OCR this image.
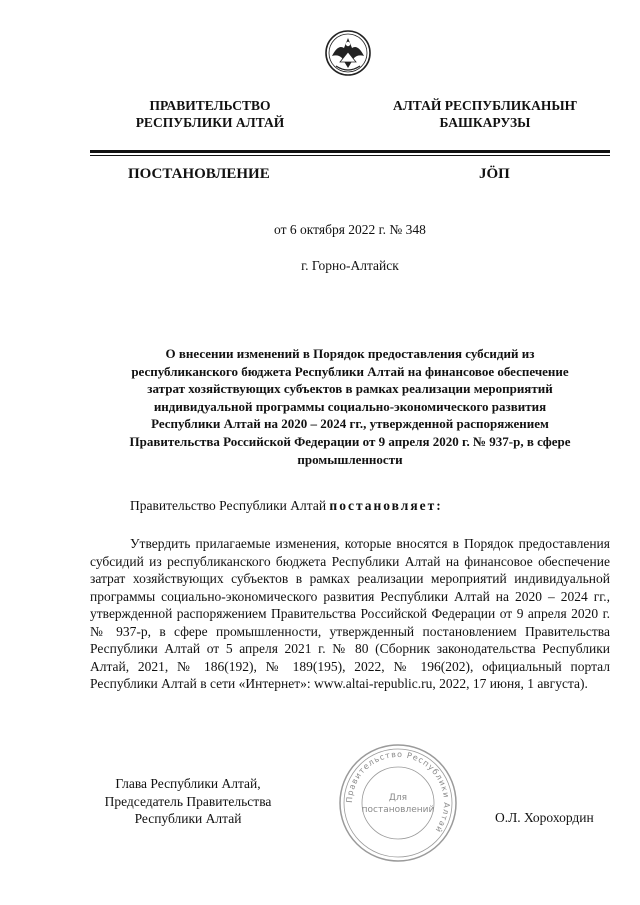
ПРАВИТЕЛЬСТВО
РЕСПУБЛИКИ АЛТАЙ
АЛТАЙ РЕСПУБЛИКАНЫҤ
БАШКАРУЗЫ
ПОСТАНОВЛЕНИЕ	JÖП
от 6 октября 2022 г. № 348
г. Горно-Алтайск
О внесении изменений в Порядок предоставления субсидий из
республиканского бюджета Республики Алтай на финансовое обеспечение
затрат хозяйствующих субъектов в рамках реализации мероприятий
индивидуальной программы социально-экономического развития
Республики Алтай на 2020 – 2024 гг., утвержденной распоряжением
Правительства Российской Федерации от 9 апреля 2020 г. № 937-р, в сфере
промышленности
Правительство Республики Алтай постановляет:

Утвердить прилагаемые изменения, которые вносятся в Порядок предоставления субсидий из республиканского бюджета Республики Алтай на финансовое обеспечение затрат хозяйствующих субъектов в рамках реализации мероприятий индивидуальной программы социально-экономического развития Республики Алтай на 2020 – 2024 гг., утвержденной распоряжением Правительства Российской Федерации от 9 апреля 2020 г. № 937-р, в сфере промышленности, утвержденный постановлением Правительства Республики Алтай от 5 апреля 2021 г. № 80 (Сборник законодательства Республики Алтай, 2021, № 186(192), № 189(195), 2022, № 196(202), официальный портал Республики Алтай в сети «Интернет»: www.altai-republic.ru, 2022, 17 июня, 1 августа).

Глава Республики Алтай,
Председатель Правительства
Республики Алтай
Правительство Республики Алтай
Для
постановлений	О.Л. Хорохордин
